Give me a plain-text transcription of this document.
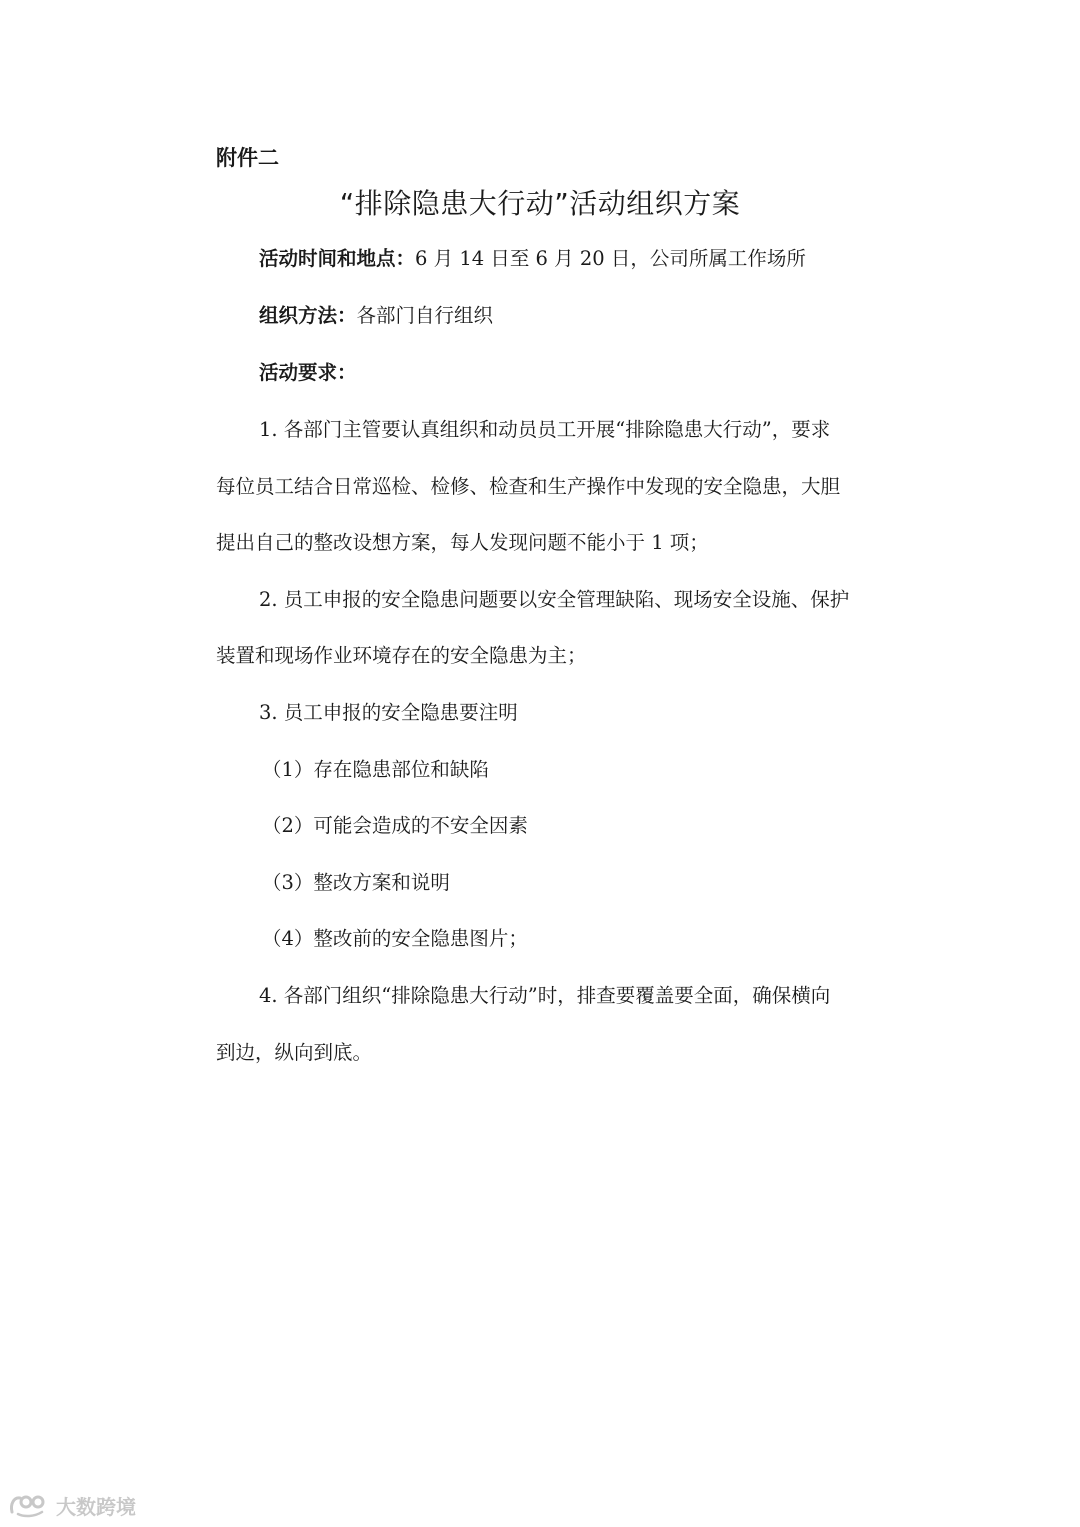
附件二
“排除隐患大行动”活动组织方案
活动时间和地点：6 月 14 日至 6 月 20 日，公司所属工作场所
组织方法：各部门自行组织
活动要求：
1. 各部门主管要认真组织和动员员工开展“排除隐患大行动”，要求
每位员工结合日常巡检、检修、检查和生产操作中发现的安全隐患，大胆
提出自己的整改设想方案，每人发现问题不能小于 1 项；
2. 员工申报的安全隐患问题要以安全管理缺陷、现场安全设施、保护
装置和现场作业环境存在的安全隐患为主；
3. 员工申报的安全隐患要注明
（1）存在隐患部位和缺陷
（2）可能会造成的不安全因素
（3）整改方案和说明
（4）整改前的安全隐患图片；
4. 各部门组织“排除隐患大行动”时，排查要覆盖要全面，确保横向
到边，纵向到底。
大数跨境
